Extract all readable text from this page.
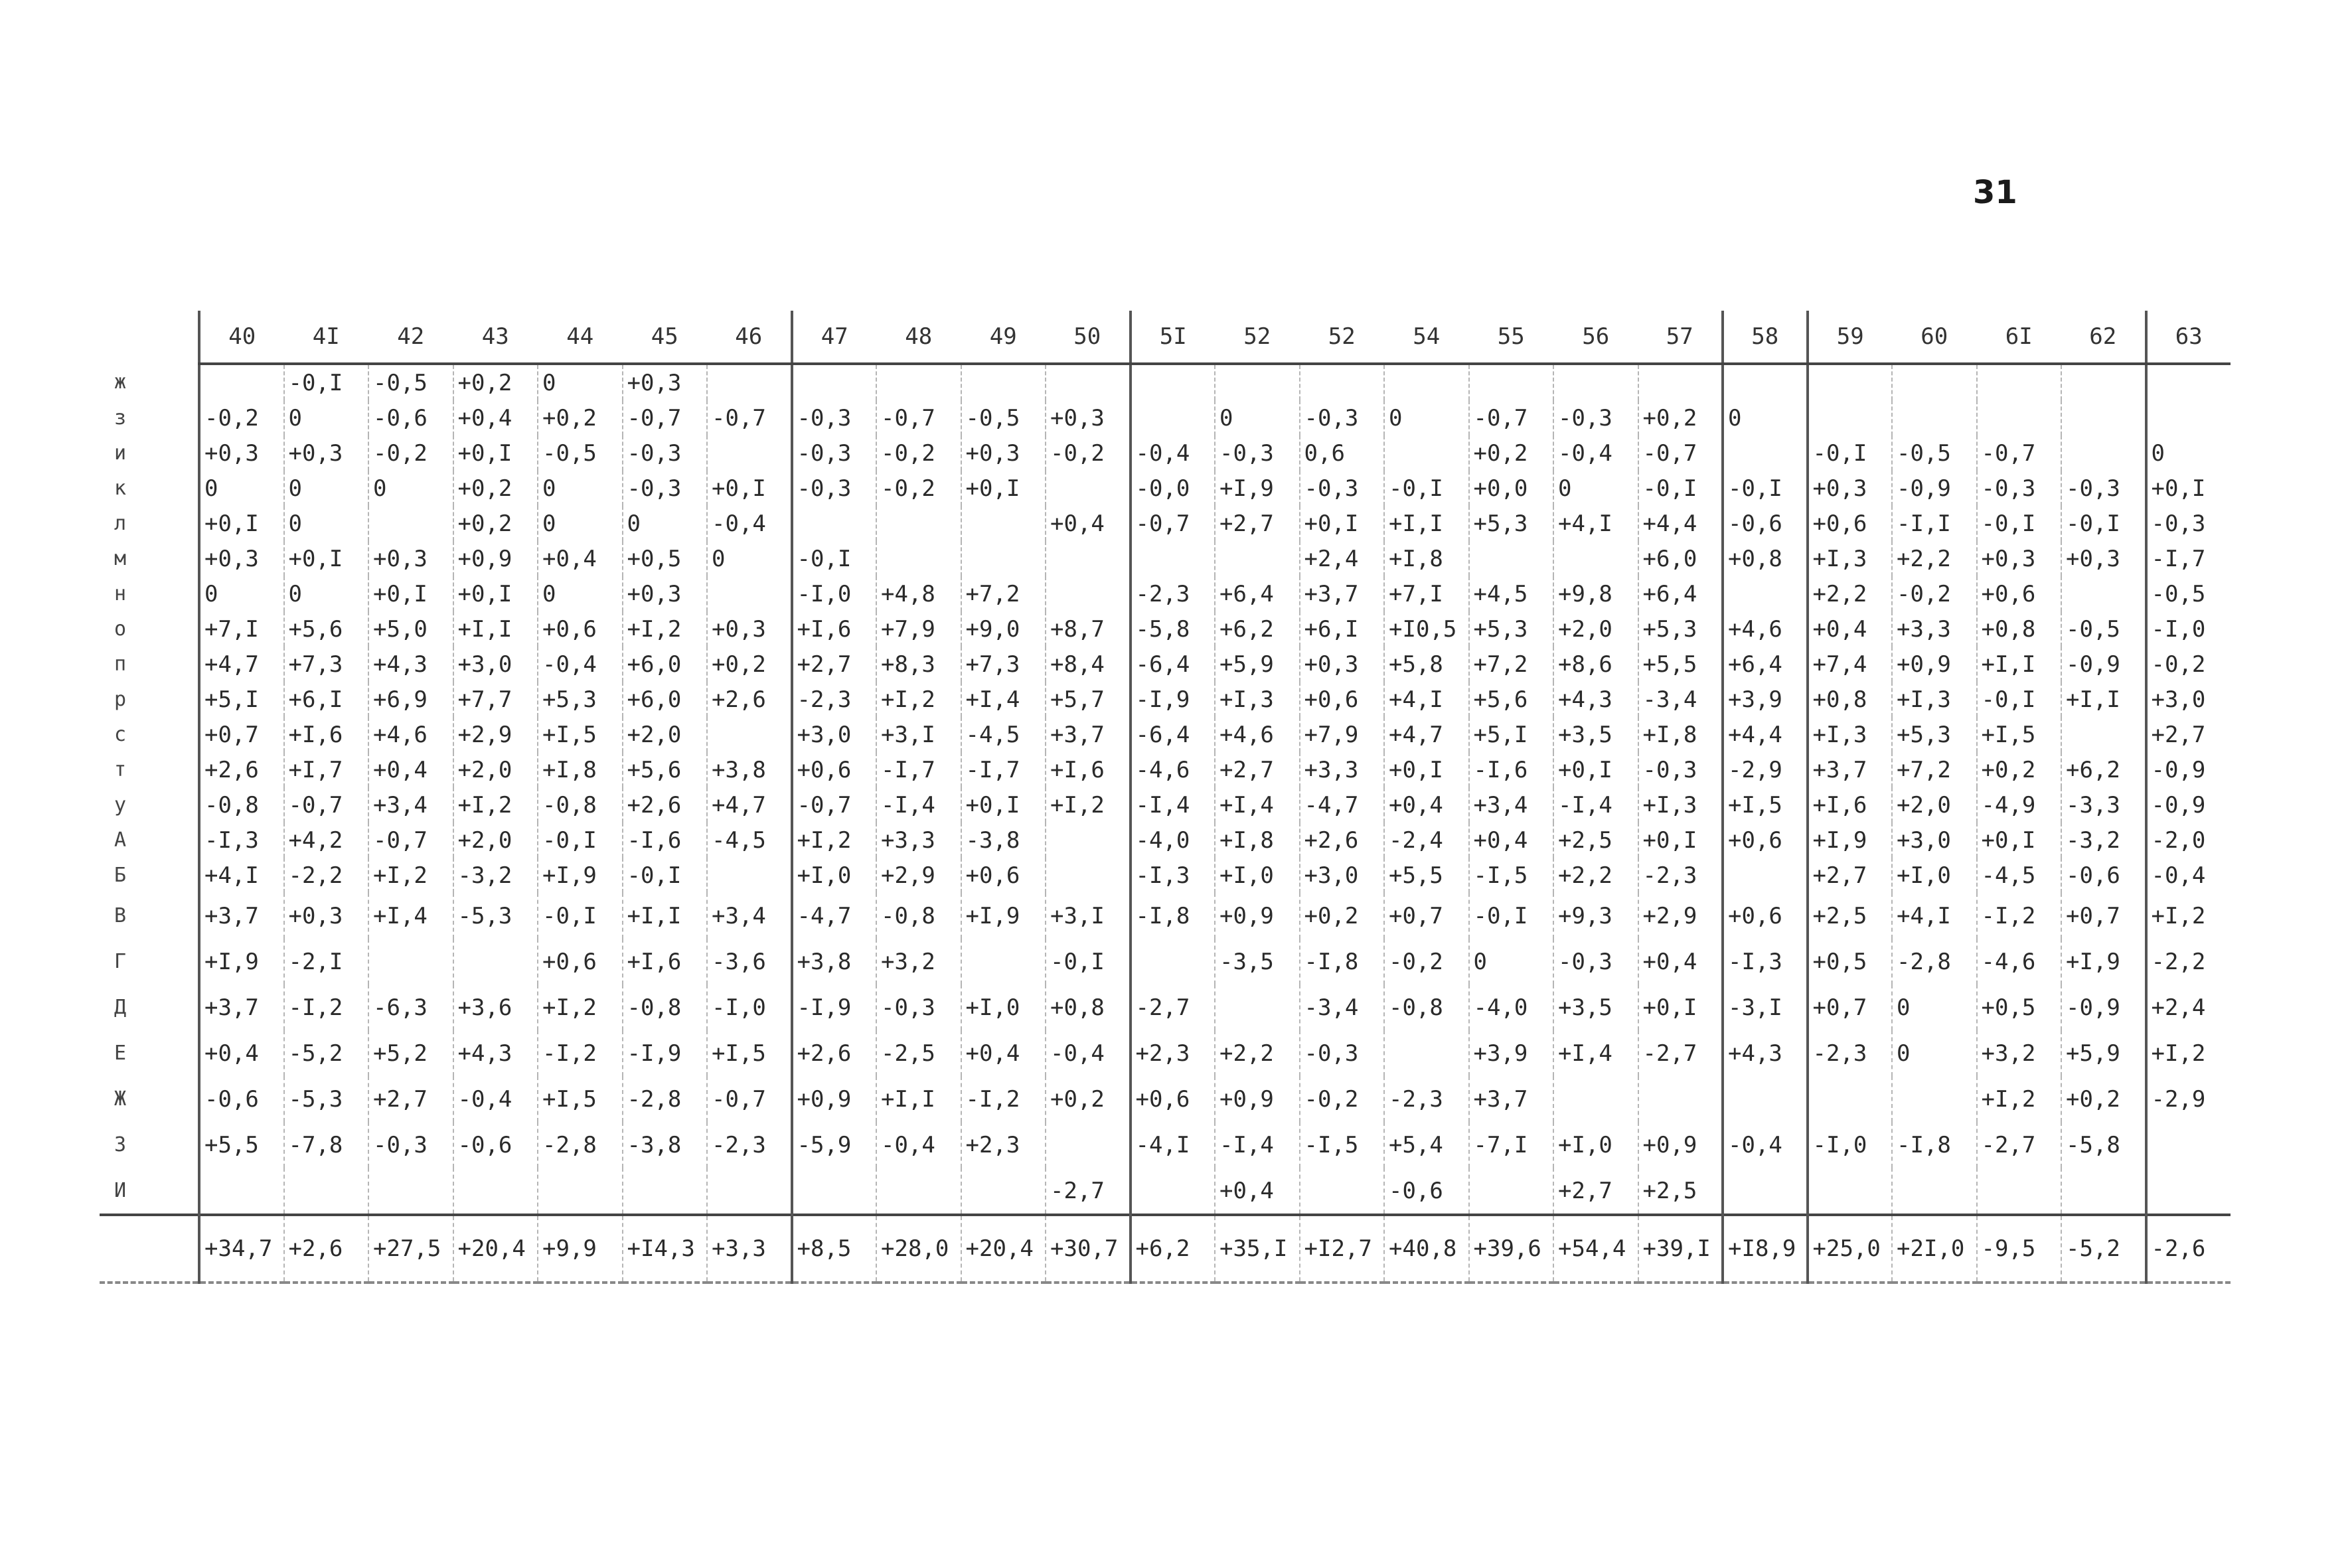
31
	40	4I	42	43	44	45	46	47	48	49	50	5I	52	52	54	55	56	57	58	59	60	6I	62	63
ж		-0,I	-0,5	+0,2	0	+0,3																		
з	-0,2	0	-0,6	+0,4	+0,2	-0,7	-0,7	-0,3	-0,7	-0,5	+0,3		0	-0,3	0	-0,7	-0,3	+0,2	0					
и	+0,3	+0,3	-0,2	+0,I	-0,5	-0,3		-0,3	-0,2	+0,3	-0,2	-0,4	-0,3	0,6		+0,2	-0,4	-0,7		-0,I	-0,5	-0,7		0
к	0	0	0	+0,2	0	-0,3	+0,I	-0,3	-0,2	+0,I		-0,0	+I,9	-0,3	-0,I	+0,0	0	-0,I	-0,I	+0,3	-0,9	-0,3	-0,3	+0,I
л	+0,I	0		+0,2	0	0	-0,4				+0,4	-0,7	+2,7	+0,I	+I,I	+5,3	+4,I	+4,4	-0,6	+0,6	-I,I	-0,I	-0,I	-0,3
м	+0,3	+0,I	+0,3	+0,9	+0,4	+0,5	0	-0,I						+2,4	+I,8			+6,0	+0,8	+I,3	+2,2	+0,3	+0,3	-I,7
н	0	0	+0,I	+0,I	0	+0,3		-I,0	+4,8	+7,2		-2,3	+6,4	+3,7	+7,I	+4,5	+9,8	+6,4		+2,2	-0,2	+0,6		-0,5
о	+7,I	+5,6	+5,0	+I,I	+0,6	+I,2	+0,3	+I,6	+7,9	+9,0	+8,7	-5,8	+6,2	+6,I	+I0,5	+5,3	+2,0	+5,3	+4,6	+0,4	+3,3	+0,8	-0,5	-I,0
п	+4,7	+7,3	+4,3	+3,0	-0,4	+6,0	+0,2	+2,7	+8,3	+7,3	+8,4	-6,4	+5,9	+0,3	+5,8	+7,2	+8,6	+5,5	+6,4	+7,4	+0,9	+I,I	-0,9	-0,2
р	+5,I	+6,I	+6,9	+7,7	+5,3	+6,0	+2,6	-2,3	+I,2	+I,4	+5,7	-I,9	+I,3	+0,6	+4,I	+5,6	+4,3	-3,4	+3,9	+0,8	+I,3	-0,I	+I,I	+3,0
с	+0,7	+I,6	+4,6	+2,9	+I,5	+2,0		+3,0	+3,I	-4,5	+3,7	-6,4	+4,6	+7,9	+4,7	+5,I	+3,5	+I,8	+4,4	+I,3	+5,3	+I,5		+2,7
т	+2,6	+I,7	+0,4	+2,0	+I,8	+5,6	+3,8	+0,6	-I,7	-I,7	+I,6	-4,6	+2,7	+3,3	+0,I	-I,6	+0,I	-0,3	-2,9	+3,7	+7,2	+0,2	+6,2	-0,9
у	-0,8	-0,7	+3,4	+I,2	-0,8	+2,6	+4,7	-0,7	-I,4	+0,I	+I,2	-I,4	+I,4	-4,7	+0,4	+3,4	-I,4	+I,3	+I,5	+I,6	+2,0	-4,9	-3,3	-0,9
А	-I,3	+4,2	-0,7	+2,0	-0,I	-I,6	-4,5	+I,2	+3,3	-3,8		-4,0	+I,8	+2,6	-2,4	+0,4	+2,5	+0,I	+0,6	+I,9	+3,0	+0,I	-3,2	-2,0
Б	+4,I	-2,2	+I,2	-3,2	+I,9	-0,I		+I,0	+2,9	+0,6		-I,3	+I,0	+3,0	+5,5	-I,5	+2,2	-2,3		+2,7	+I,0	-4,5	-0,6	-0,4
В	+3,7	+0,3	+I,4	-5,3	-0,I	+I,I	+3,4	-4,7	-0,8	+I,9	+3,I	-I,8	+0,9	+0,2	+0,7	-0,I	+9,3	+2,9	+0,6	+2,5	+4,I	-I,2	+0,7	+I,2
Г	+I,9	-2,I			+0,6	+I,6	-3,6	+3,8	+3,2		-0,I		-3,5	-I,8	-0,2	0	-0,3	+0,4	-I,3	+0,5	-2,8	-4,6	+I,9	-2,2
Д	+3,7	-I,2	-6,3	+3,6	+I,2	-0,8	-I,0	-I,9	-0,3	+I,0	+0,8	-2,7		-3,4	-0,8	-4,0	+3,5	+0,I	-3,I	+0,7	0	+0,5	-0,9	+2,4
Е	+0,4	-5,2	+5,2	+4,3	-I,2	-I,9	+I,5	+2,6	-2,5	+0,4	-0,4	+2,3	+2,2	-0,3		+3,9	+I,4	-2,7	+4,3	-2,3	0	+3,2	+5,9	+I,2
Ж	-0,6	-5,3	+2,7	-0,4	+I,5	-2,8	-0,7	+0,9	+I,I	-I,2	+0,2	+0,6	+0,9	-0,2	-2,3	+3,7						+I,2	+0,2	-2,9
З	+5,5	-7,8	-0,3	-0,6	-2,8	-3,8	-2,3	-5,9	-0,4	+2,3		-4,I	-I,4	-I,5	+5,4	-7,I	+I,0	+0,9	-0,4	-I,0	-I,8	-2,7	-5,8	
И											-2,7		+0,4		-0,6		+2,7	+2,5						
	+34,7	+2,6	+27,5	+20,4	+9,9	+I4,3	+3,3	+8,5	+28,0	+20,4	+30,7	+6,2	+35,I	+I2,7	+40,8	+39,6	+54,4	+39,I	+I8,9	+25,0	+2I,0	-9,5	-5,2	-2,6
